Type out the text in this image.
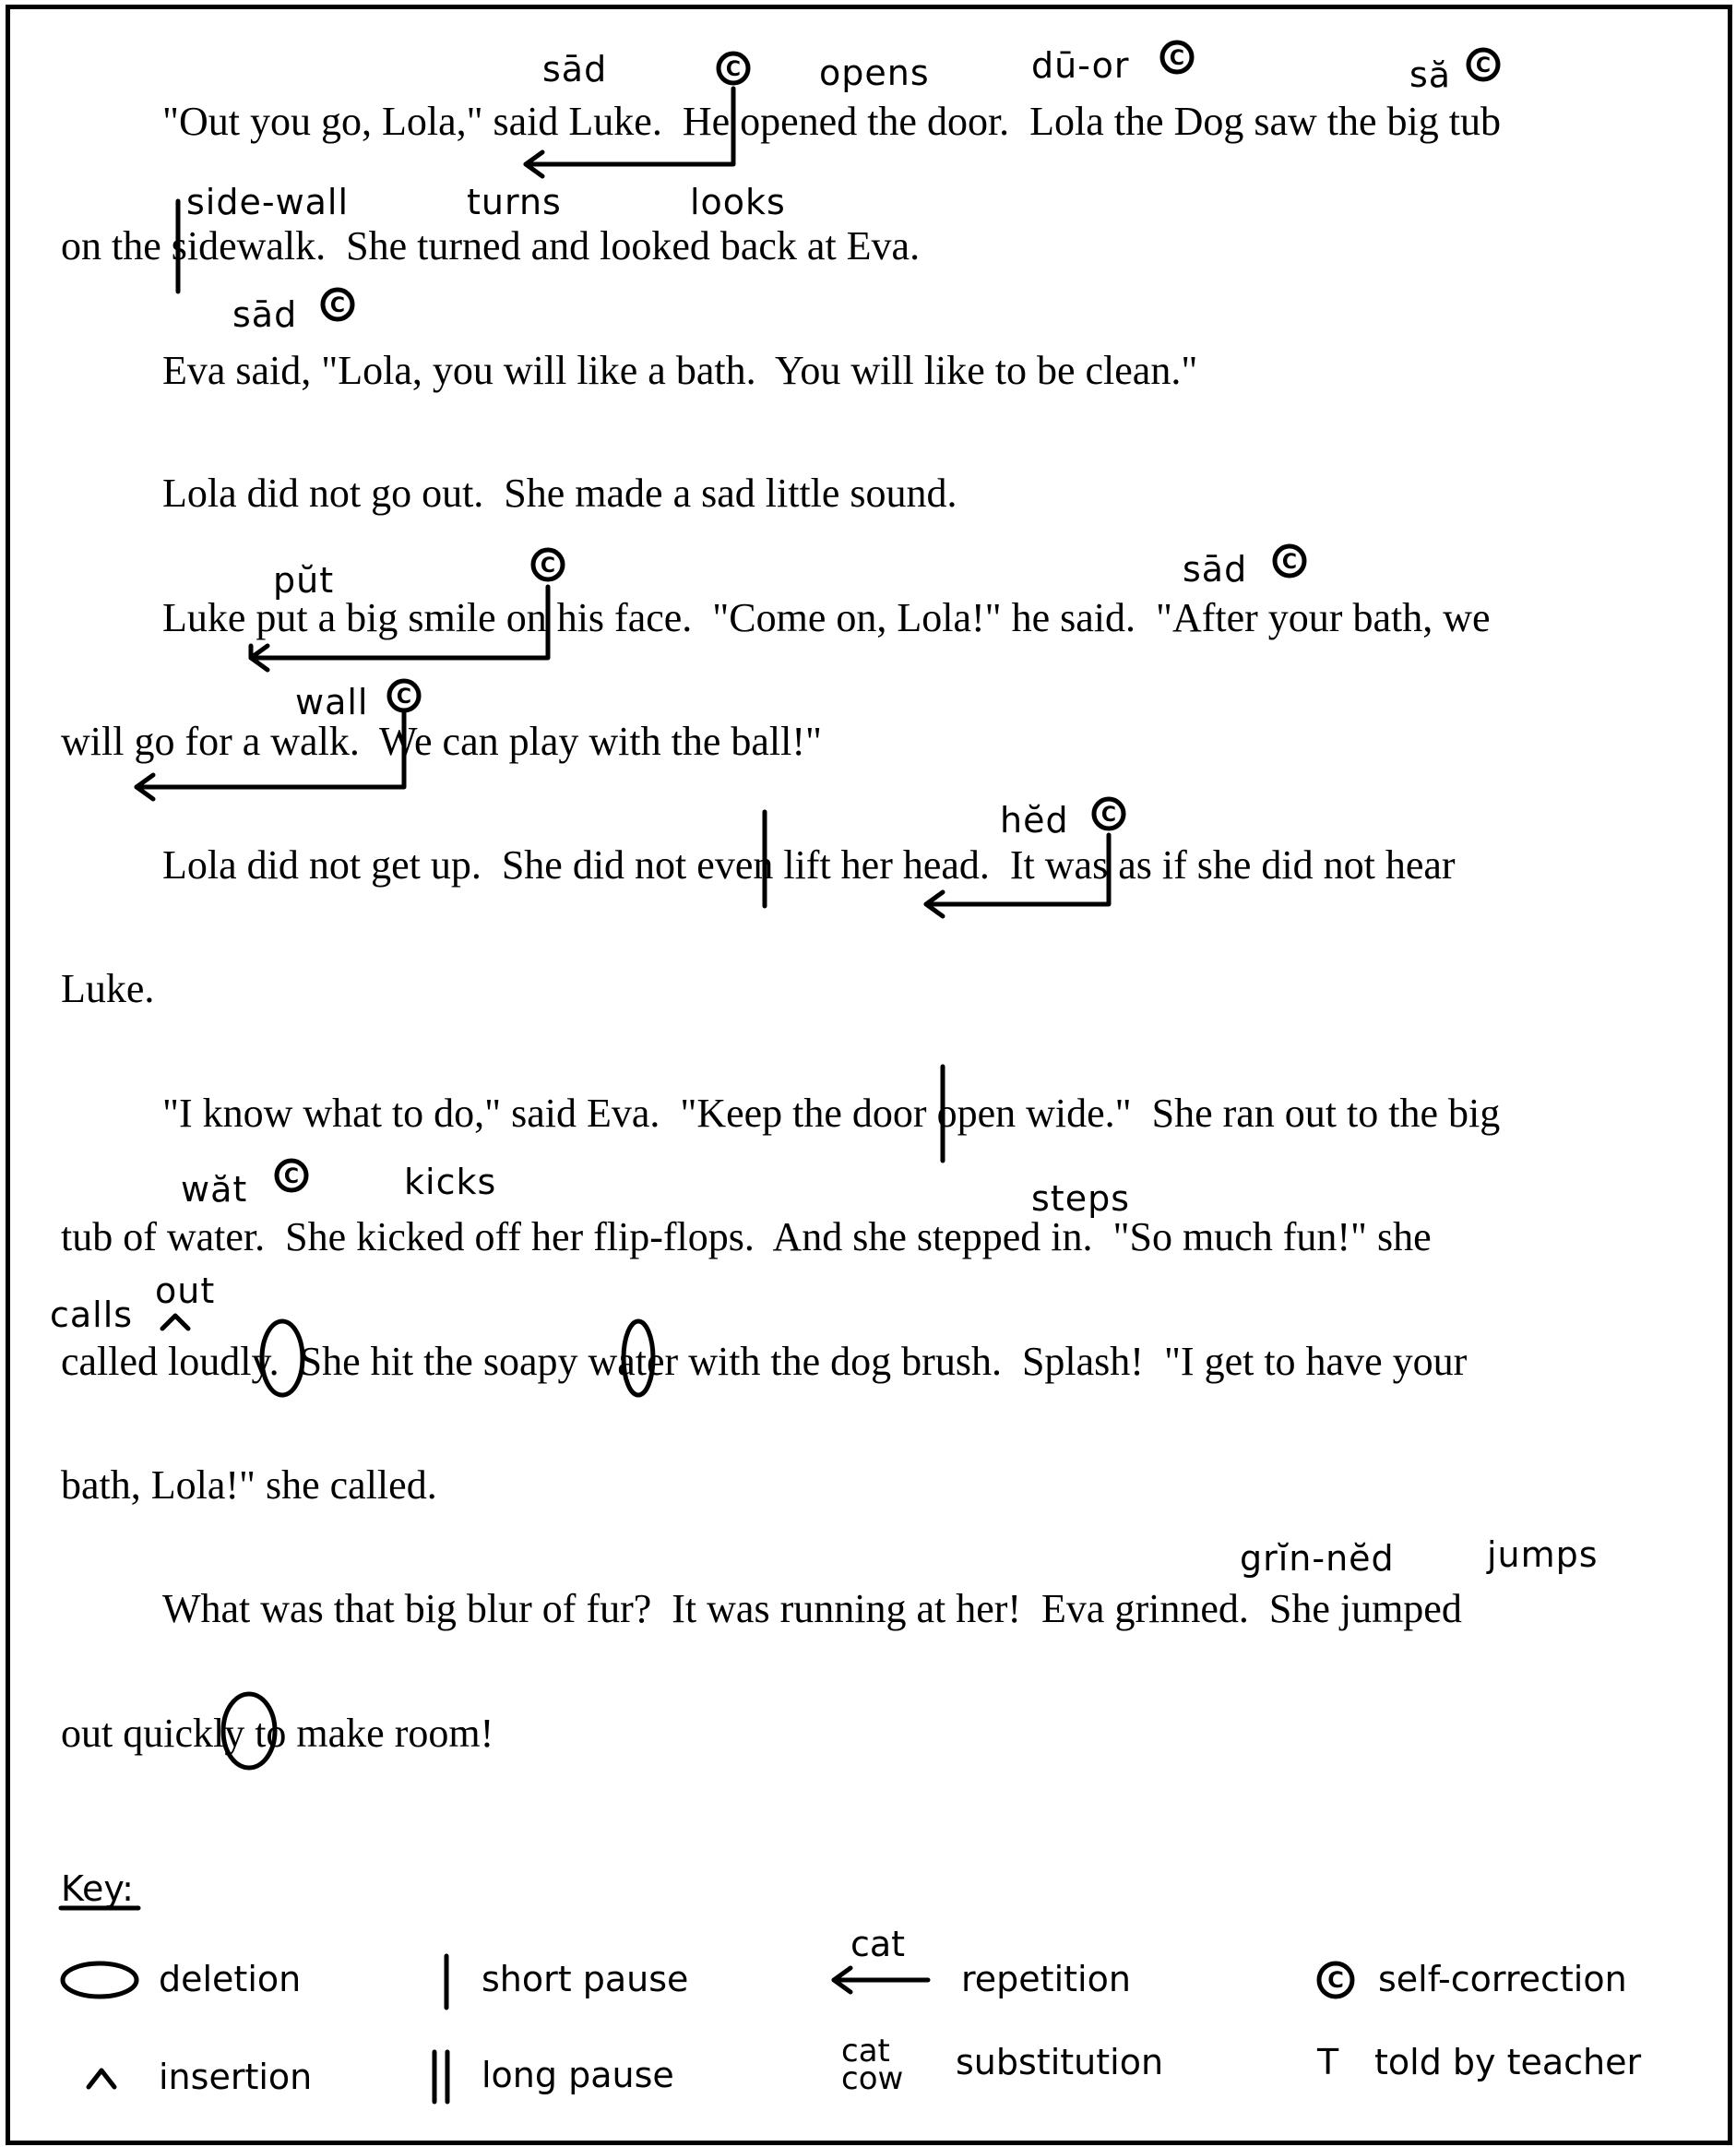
"Out you go, Lola," said Luke.  He opened the door.  Lola the Dog saw the big tub
on the sidewalk.  She turned and looked back at Eva.
Eva said, "Lola, you will like a bath.  You will like to be clean."
Lola did not go out.  She made a sad little sound.
Luke put a big smile on his face.  "Come on, Lola!" he said.  "After your bath, we
will go for a walk.  We can play with the ball!"
Lola did not get up.  She did not even lift her head.  It was as if she did not hear
Luke.
"I know what to do," said Eva.  "Keep the door open wide."  She ran out to the big
tub of water.  She kicked off her flip-flops.  And she stepped in.  "So much fun!" she
called loudly.  She hit the soapy water with the dog brush.  Splash!  "I get to have your
bath, Lola!" she called.
What was that big blur of fur?  It was running at her!  Eva grinned.  She jumped
out quickly to make room!
sād	opens	dū-or	să
side-wall	turns	looks
sād
pŭt	sād
wall
hĕd
wăt	kicks	steps
calls
out
grĭn-nĕd	jumps
Key:
deletion	short pause
cat
repetition	self-correction
insertion	long pause
cat
cow substitution	T told by teacher
C	C	C
C
C	C
C
C
C
C
